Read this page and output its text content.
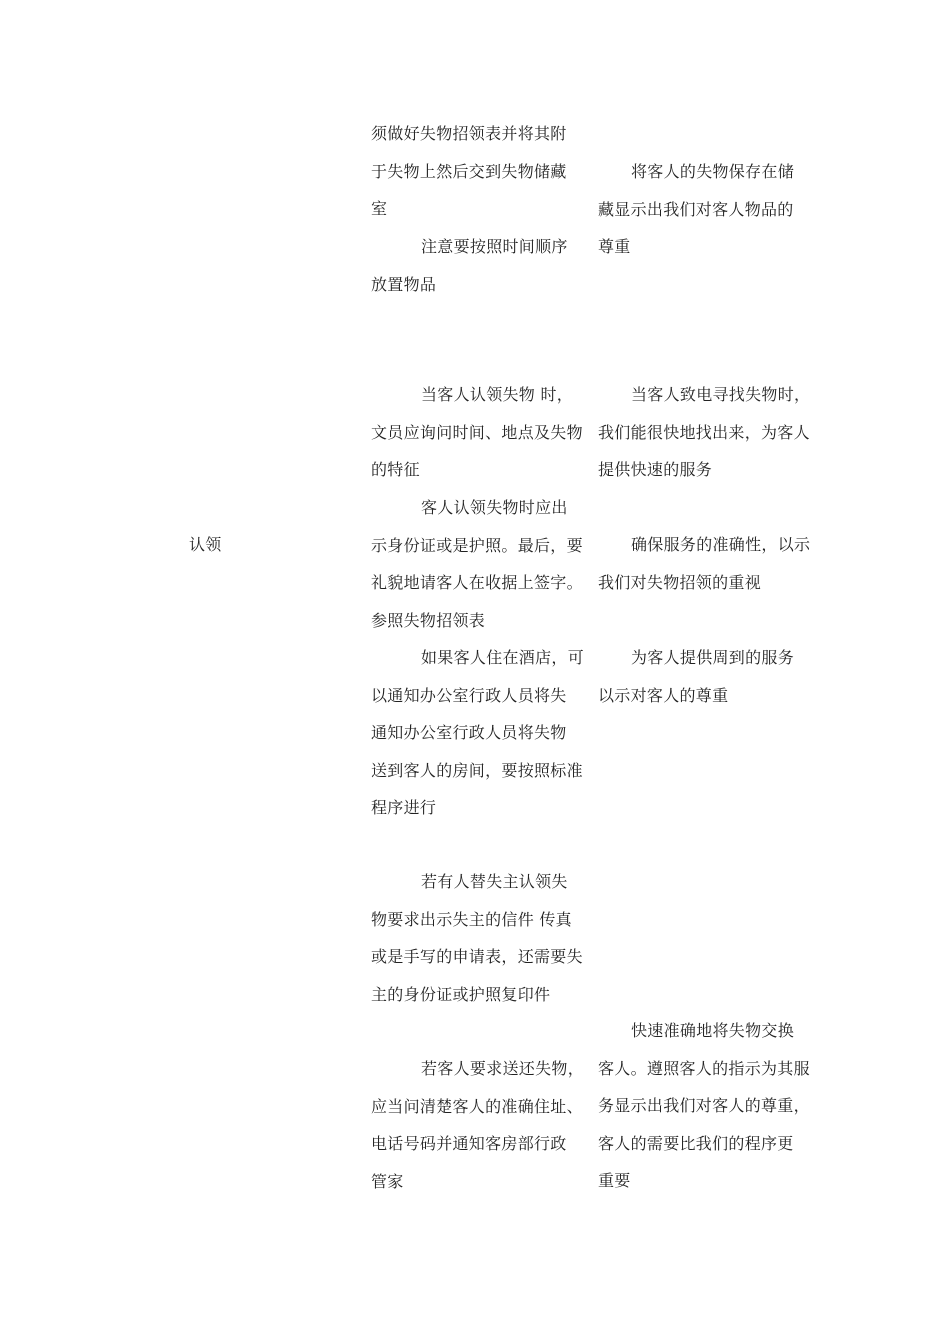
认领
须做好失物招领表并将其附
于失物上然后交到失物储藏
室
注意要按照时间顺序
放置物品
当客人认领失物 时，
文员应询问时间、地点及失物
的特征
客人认领失物时应出
示身份证或是护照。最后，要
礼貌地请客人在收据上签字。
参照失物招领表
如果客人住在酒店，可
以通知办公室行政人员将失
通知办公室行政人员将失物
送到客人的房间，要按照标准
程序进行
若有人替失主认领失
物要求出示失主的信件 传真
或是手写的申请表，还需要失
主的身份证或护照复印件
若客人要求送还失物，
应当问清楚客人的准确住址、
电话号码并通知客房部行政
管家
将客人的失物保存在储
藏显示出我们对客人物品的
尊重
当客人致电寻找失物时，
我们能很快地找出来，为客人
提供快速的服务
确保服务的准确性，以示
我们对失物招领的重视
为客人提供周到的服务
以示对客人的尊重
快速准确地将失物交换
客人。遵照客人的指示为其服
务显示出我们对客人的尊重，
客人的需要比我们的程序更
重要
